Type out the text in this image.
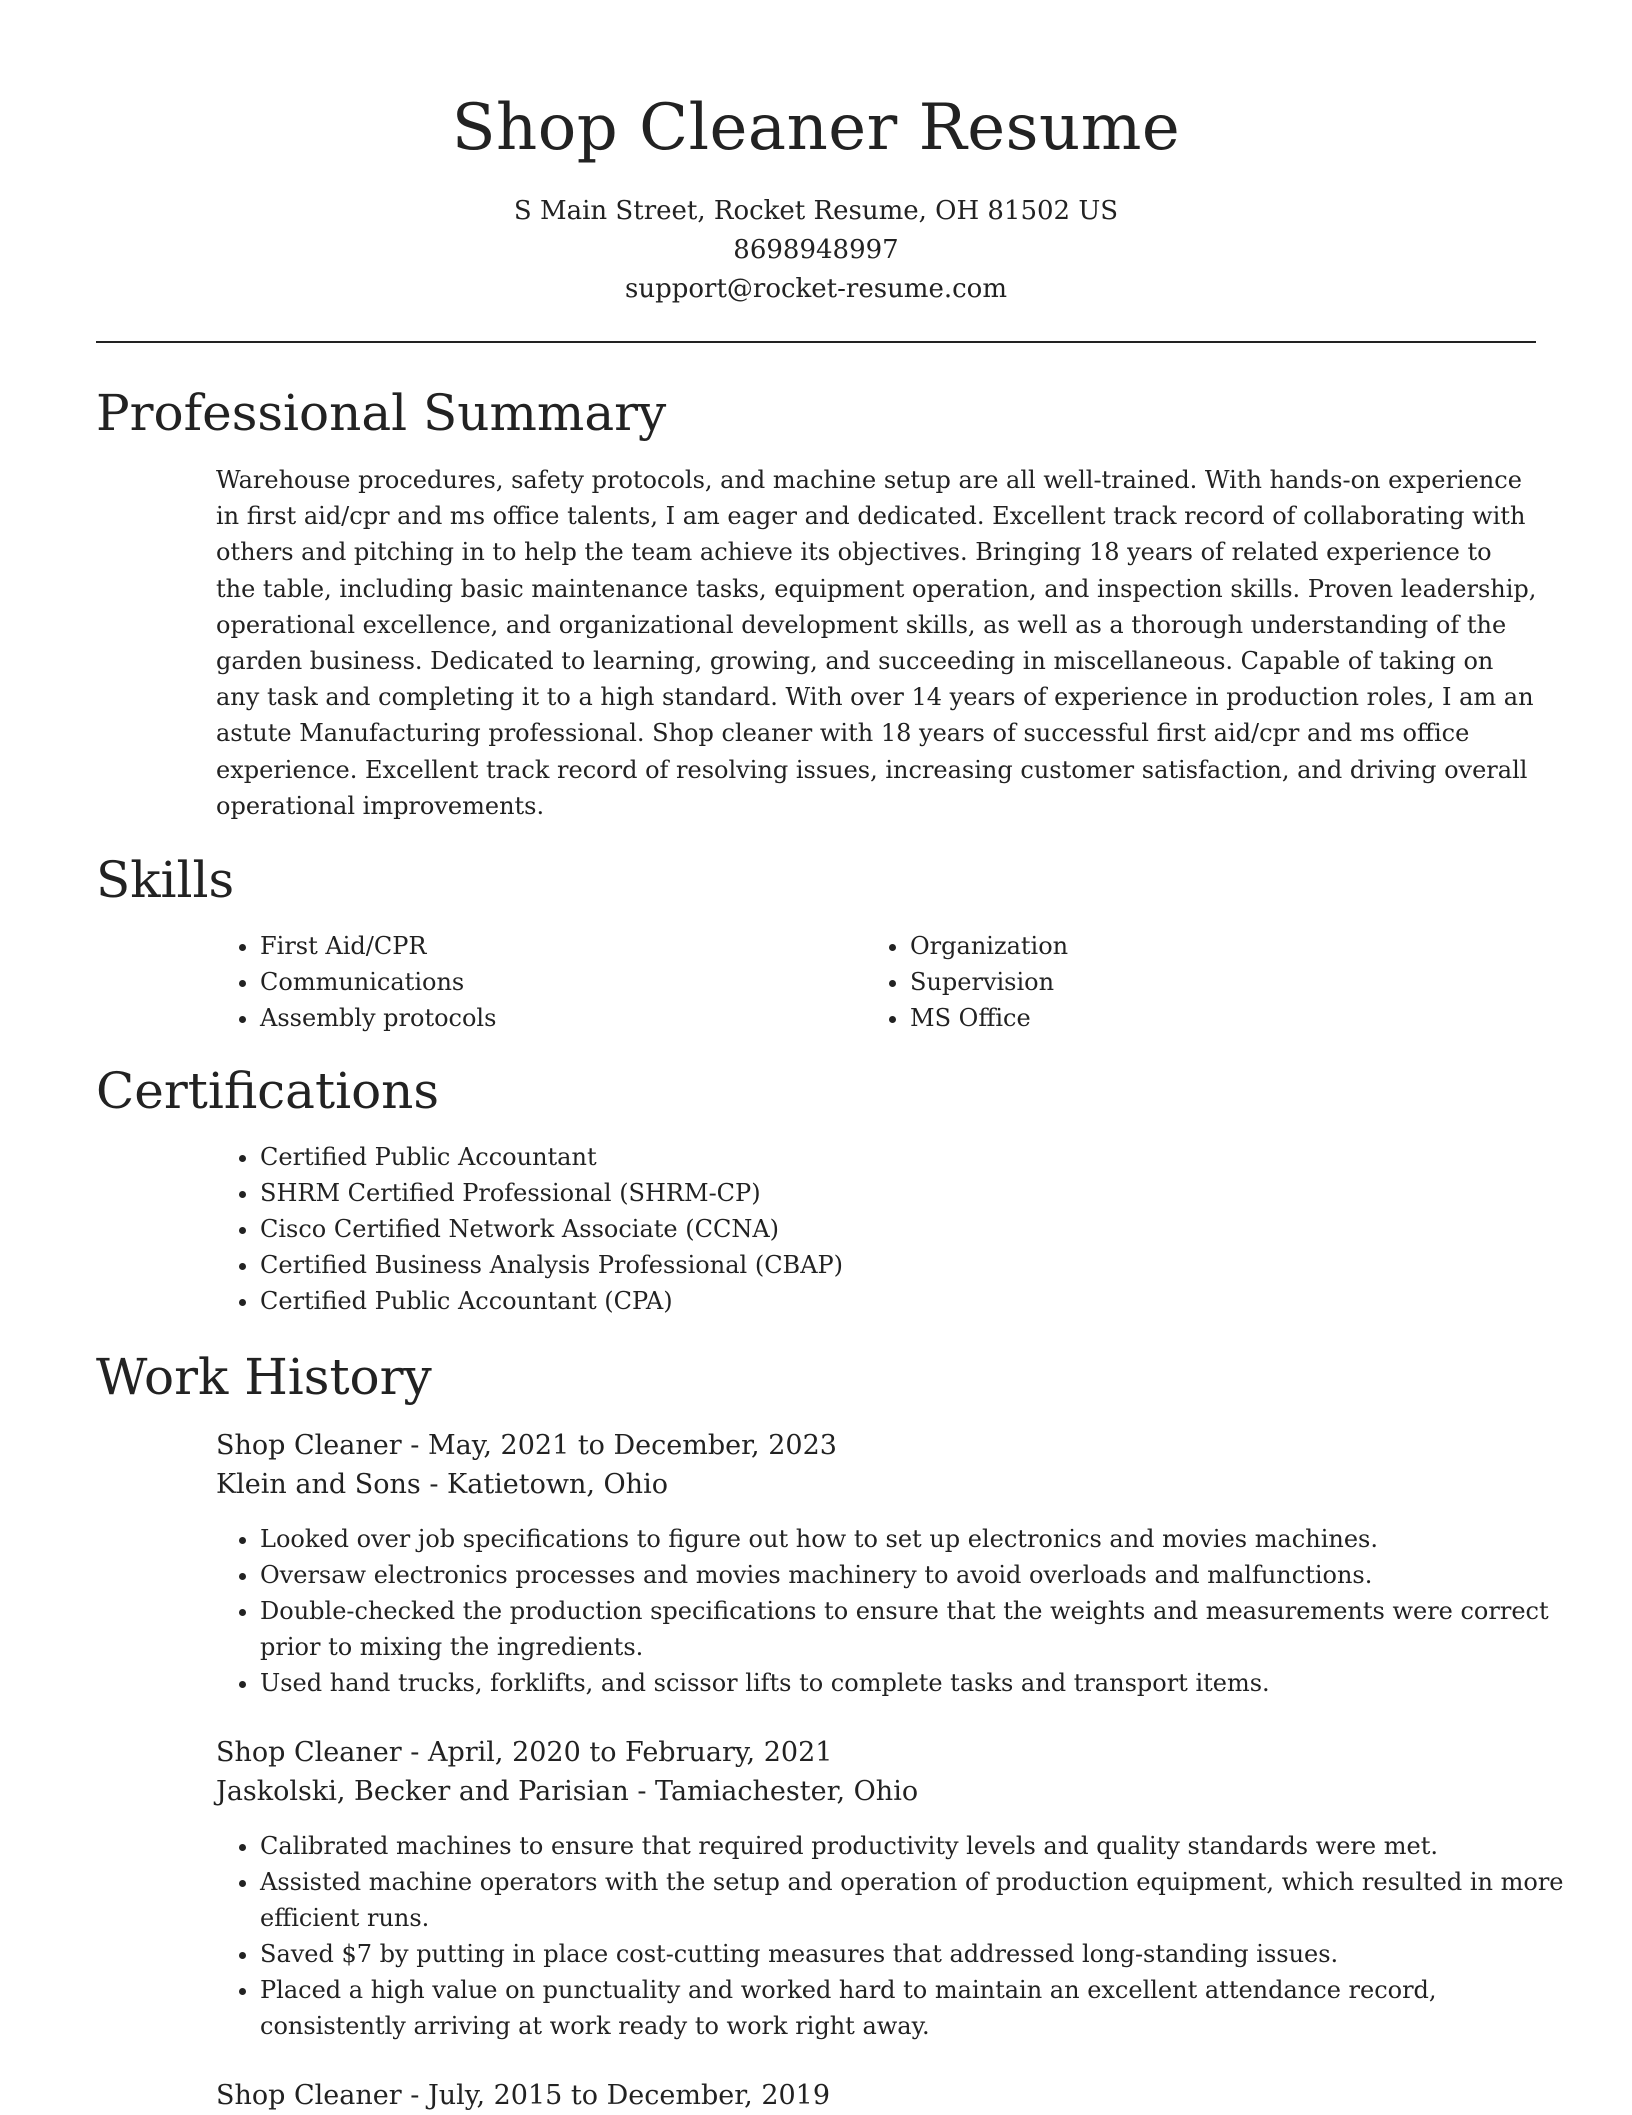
Shop Cleaner Resume
S Main Street, Rocket Resume, OH 81502 US
8698948997
support@rocket-resume.com
Professional Summary

Warehouse procedures, safety protocols, and machine setup are all well-trained. With hands-on experience in first aid/cpr and ms office talents, I am eager and dedicated. Excellent track record of collaborating with others and pitching in to help the team achieve its objectives. Bringing 18 years of related experience to the table, including basic maintenance tasks, equipment operation, and inspection skills. Proven leadership, operational excellence, and organizational development skills, as well as a thorough understanding of the garden business. Dedicated to learning, growing, and succeeding in miscellaneous. Capable of taking on any task and completing it to a high standard. With over 14 years of experience in production roles, I am an astute Manufacturing professional. Shop cleaner with 18 years of successful first aid/cpr and ms office experience. Excellent track record of resolving issues, increasing customer satisfaction, and driving overall operational improvements.

Skills
• First Aid/CPR
• Communications
• Assembly protocols
• Organization
• Supervision
• MS Office
Certifications
• Certified Public Accountant
• SHRM Certified Professional (SHRM-CP)
• Cisco Certified Network Associate (CCNA)
• Certified Business Analysis Professional (CBAP)
• Certified Public Accountant (CPA)
Work History
Shop Cleaner - May, 2021 to December, 2023
Klein and Sons - Katietown, Ohio
• Looked over job specifications to figure out how to set up electronics and movies machines.
• Oversaw electronics processes and movies machinery to avoid overloads and malfunctions.
• Double-checked the production specifications to ensure that the weights and measurements were correct prior to mixing the ingredients.
• Used hand trucks, forklifts, and scissor lifts to complete tasks and transport items.
Shop Cleaner - April, 2020 to February, 2021
Jaskolski, Becker and Parisian - Tamiachester, Ohio
• Calibrated machines to ensure that required productivity levels and quality standards were met.
• Assisted machine operators with the setup and operation of production equipment, which resulted in more efficient runs.
• Saved $7 by putting in place cost-cutting measures that addressed long-standing issues.
• Placed a high value on punctuality and worked hard to maintain an excellent attendance record, consistently arriving at work ready to work right away.
Shop Cleaner - July, 2015 to December, 2019
